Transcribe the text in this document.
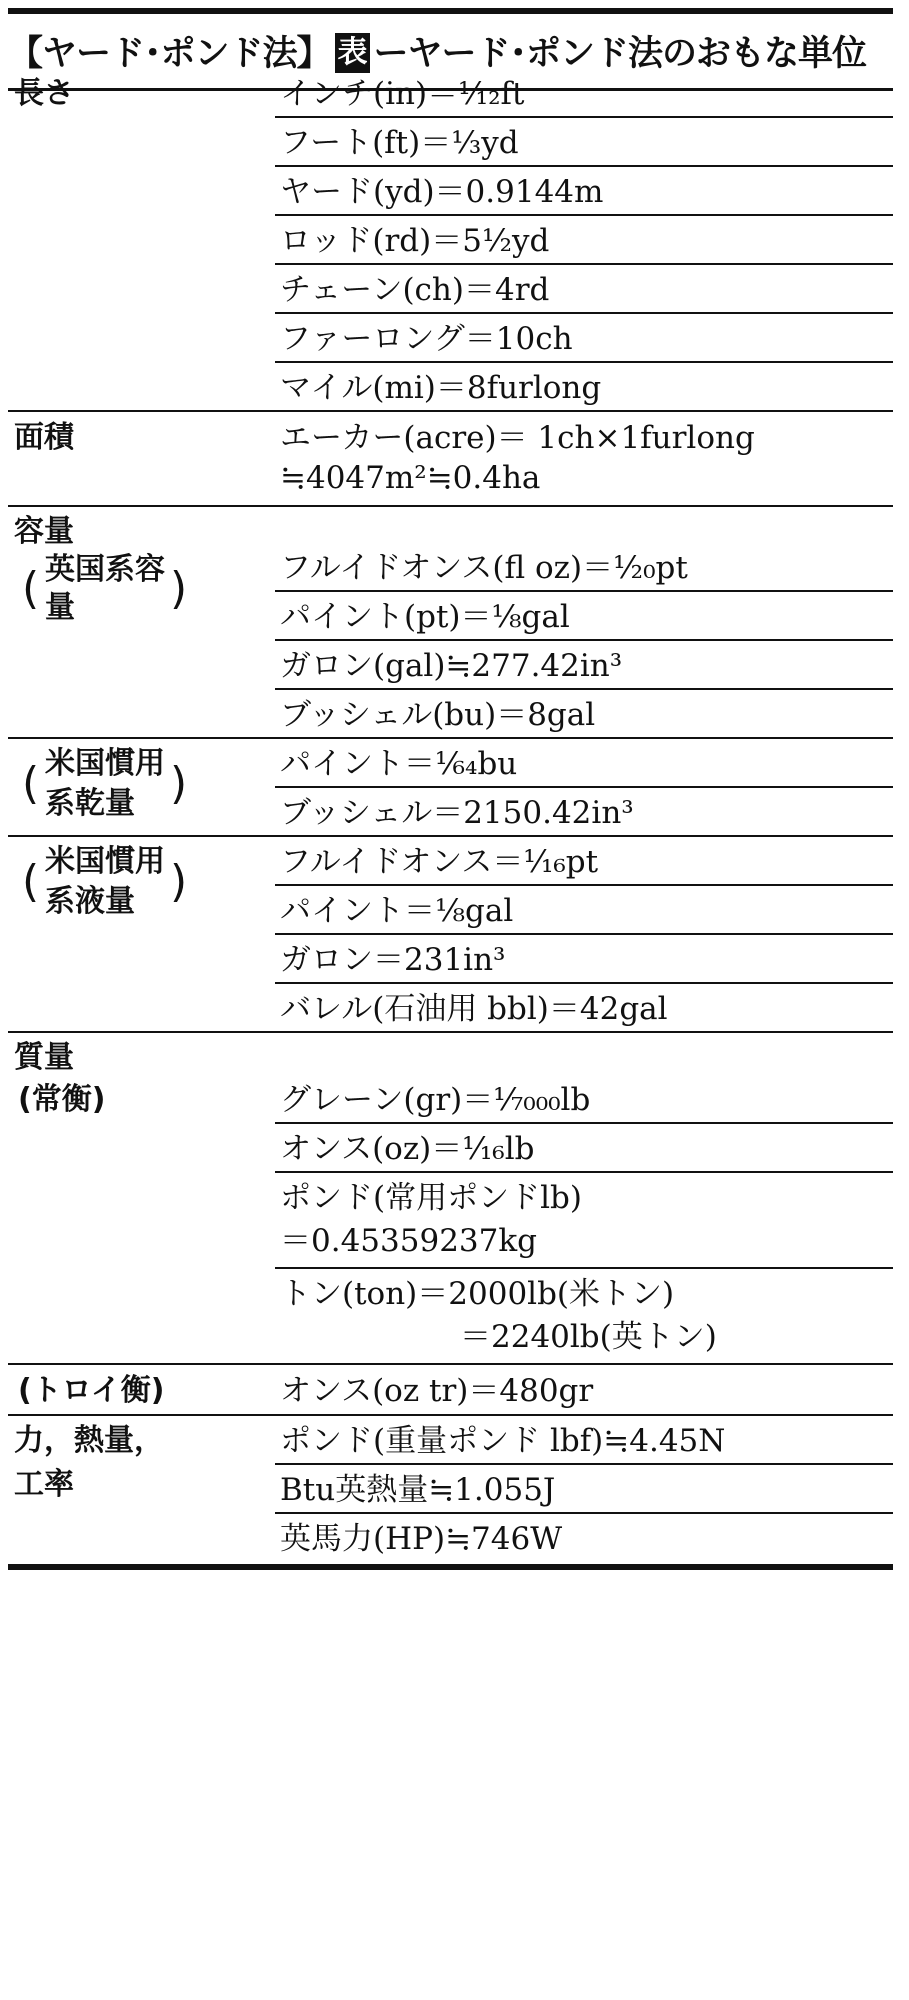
【ヤード･ポンド法】 表 ーヤード･ポンド法のおもな単位
長さ	インチ(in)＝¹⁄₁₂ft
フート(ft)＝⅓yd
ヤード(yd)＝0.9144m
ロッド(rd)＝5½yd
チェーン(ch)＝4rd
ファーロング＝10ch
マイル(mi)＝8furlong
面積	エーカー(acre)＝ 1ch×1furlong
≒4047m²≒0.4ha
容量
( 英国系容
量 )	フルイドオンス(fl oz)＝¹⁄₂₀pt
パイント(pt)＝⅛gal
ガロン(gal)≒277.42in³
ブッシェル(bu)＝8gal
( 米国慣用
系乾量 )	パイント＝¹⁄₆₄bu
ブッシェル＝2150.42in³
( 米国慣用
系液量 )	フルイドオンス＝¹⁄₁₆pt
パイント＝⅛gal
ガロン＝231in³
バレル(石油用 bbl)＝42gal
質量
(常衡)	グレーン(gr)＝¹⁄₇₀₀₀lb
オンス(oz)＝¹⁄₁₆lb
ポンド(常用ポンドlb)
＝0.45359237kg
トン(ton)＝2000lb(米トン)
＝2240lb(英トン)
(トロイ衡)	オンス(oz tr)＝480gr
力，熱量，
工率
ポンド(重量ポンド lbf)≒4.45N
Btu英熱量≒1.055J
英馬力(HP)≒746W
